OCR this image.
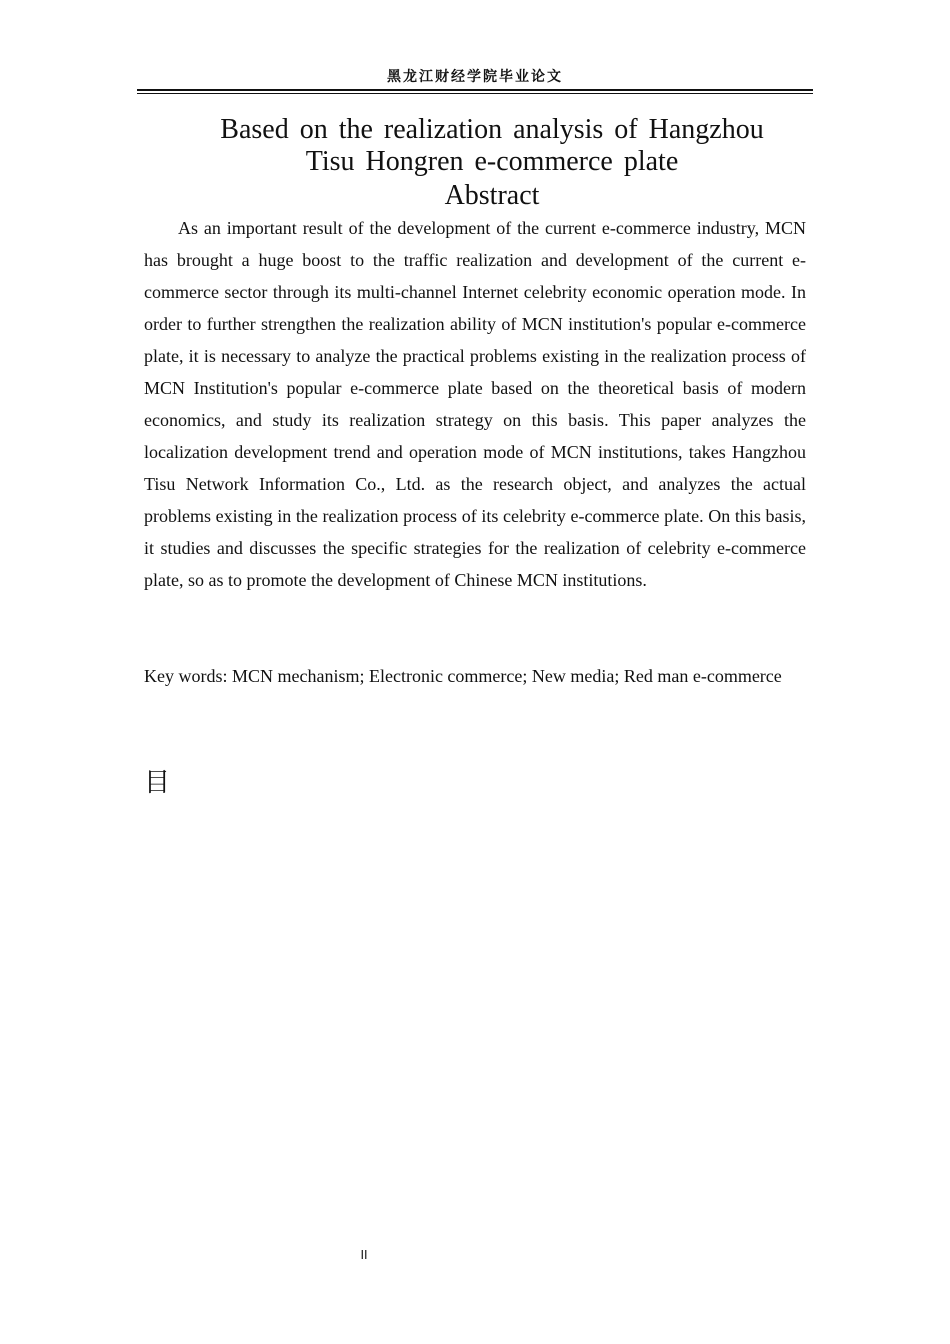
黑龙江财经学院毕业论文
Based on the realization analysis of Hangzhou
Tisu Hongren e-commerce plate
Abstract

As an important result of the development of the current e-commerce industry, MCN has brought a huge boost to the traffic realization and development of the current e-commerce sector through its multi-channel Internet celebrity economic operation mode. In order to further strengthen the realization ability of MCN institution's popular e-commerce plate, it is necessary to analyze the practical problems existing in the realization process of MCN Institution's popular e-commerce plate based on the theoretical basis of modern economics, and study its realization strategy on this basis. This paper analyzes the localization development trend and operation mode of MCN institutions, takes Hangzhou Tisu Network Information Co., Ltd. as the research object, and analyzes the actual problems existing in the realization process of its celebrity e-commerce plate. On this basis, it studies and discusses the specific strategies for the realization of celebrity e-commerce plate, so as to promote the development of Chinese MCN institutions.

Key words: MCN mechanism; Electronic commerce; New media; Red man e-commerce

目
II
